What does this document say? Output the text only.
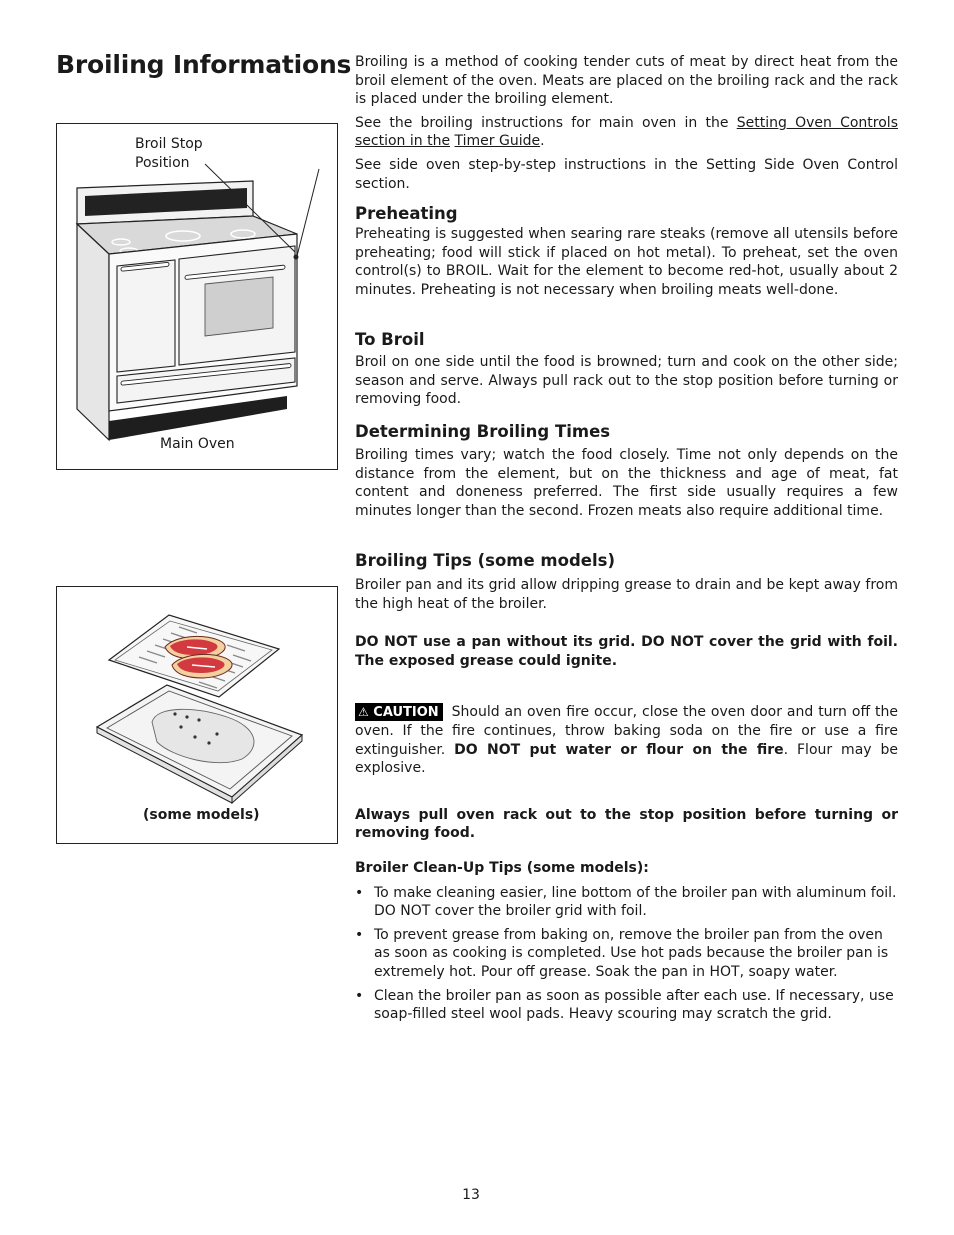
Broiling Informations
Broil Stop
Position
Main Oven
(some models)

Broiling is a method of cooking tender cuts of meat by direct heat from the broil element of the oven. Meats are placed on the broiling rack and the rack is placed under the broiling element.

See the broiling instructions for main oven in the Setting Oven Controls section in the Timer Guide.

See side oven step-by-step instructions in the Setting Side Oven Control section.

Preheating

Preheating is suggested when searing rare steaks (remove all utensils before preheating; food will stick if placed on hot metal). To preheat, set the oven control(s) to BROIL. Wait for the element to become red-hot, usually about 2 minutes. Preheating is not necessary when broiling meats well-done.

To Broil

Broil on one side until the food is browned; turn and cook on the other side; season and serve. Always pull rack out to the stop position before turning or removing food.

Determining Broiling Times

Broiling times vary; watch the food closely. Time not only depends on the distance from the element, but on the thickness and age of meat, fat content and doneness preferred. The first side usually requires a few minutes longer than the second. Frozen meats also require additional time.

Broiling Tips (some models)

Broiler pan and its grid allow dripping grease to drain and be kept away from the high heat of the broiler.

DO NOT use a pan without its grid. DO NOT cover the grid with foil. The exposed grease could ignite.

⚠ CAUTION Should an oven fire occur, close the oven door and turn off the oven. If the fire continues, throw baking soda on the fire or use a fire extinguisher. DO NOT put water or flour on the fire. Flour may be explosive.

Always pull oven rack out to the stop position before turning or removing food.

Broiler Clean-Up Tips (some models):

• To make cleaning easier, line bottom of the broiler pan with aluminum foil. DO NOT cover the broiler grid with foil.
• To prevent grease from baking on, remove the broiler pan from the oven as soon as cooking is completed. Use hot pads because the broiler pan is extremely hot. Pour off grease. Soak the pan in HOT, soapy water.
• Clean the broiler pan as soon as possible after each use. If necessary, use soap-filled steel wool pads. Heavy scouring may scratch the grid.
13
